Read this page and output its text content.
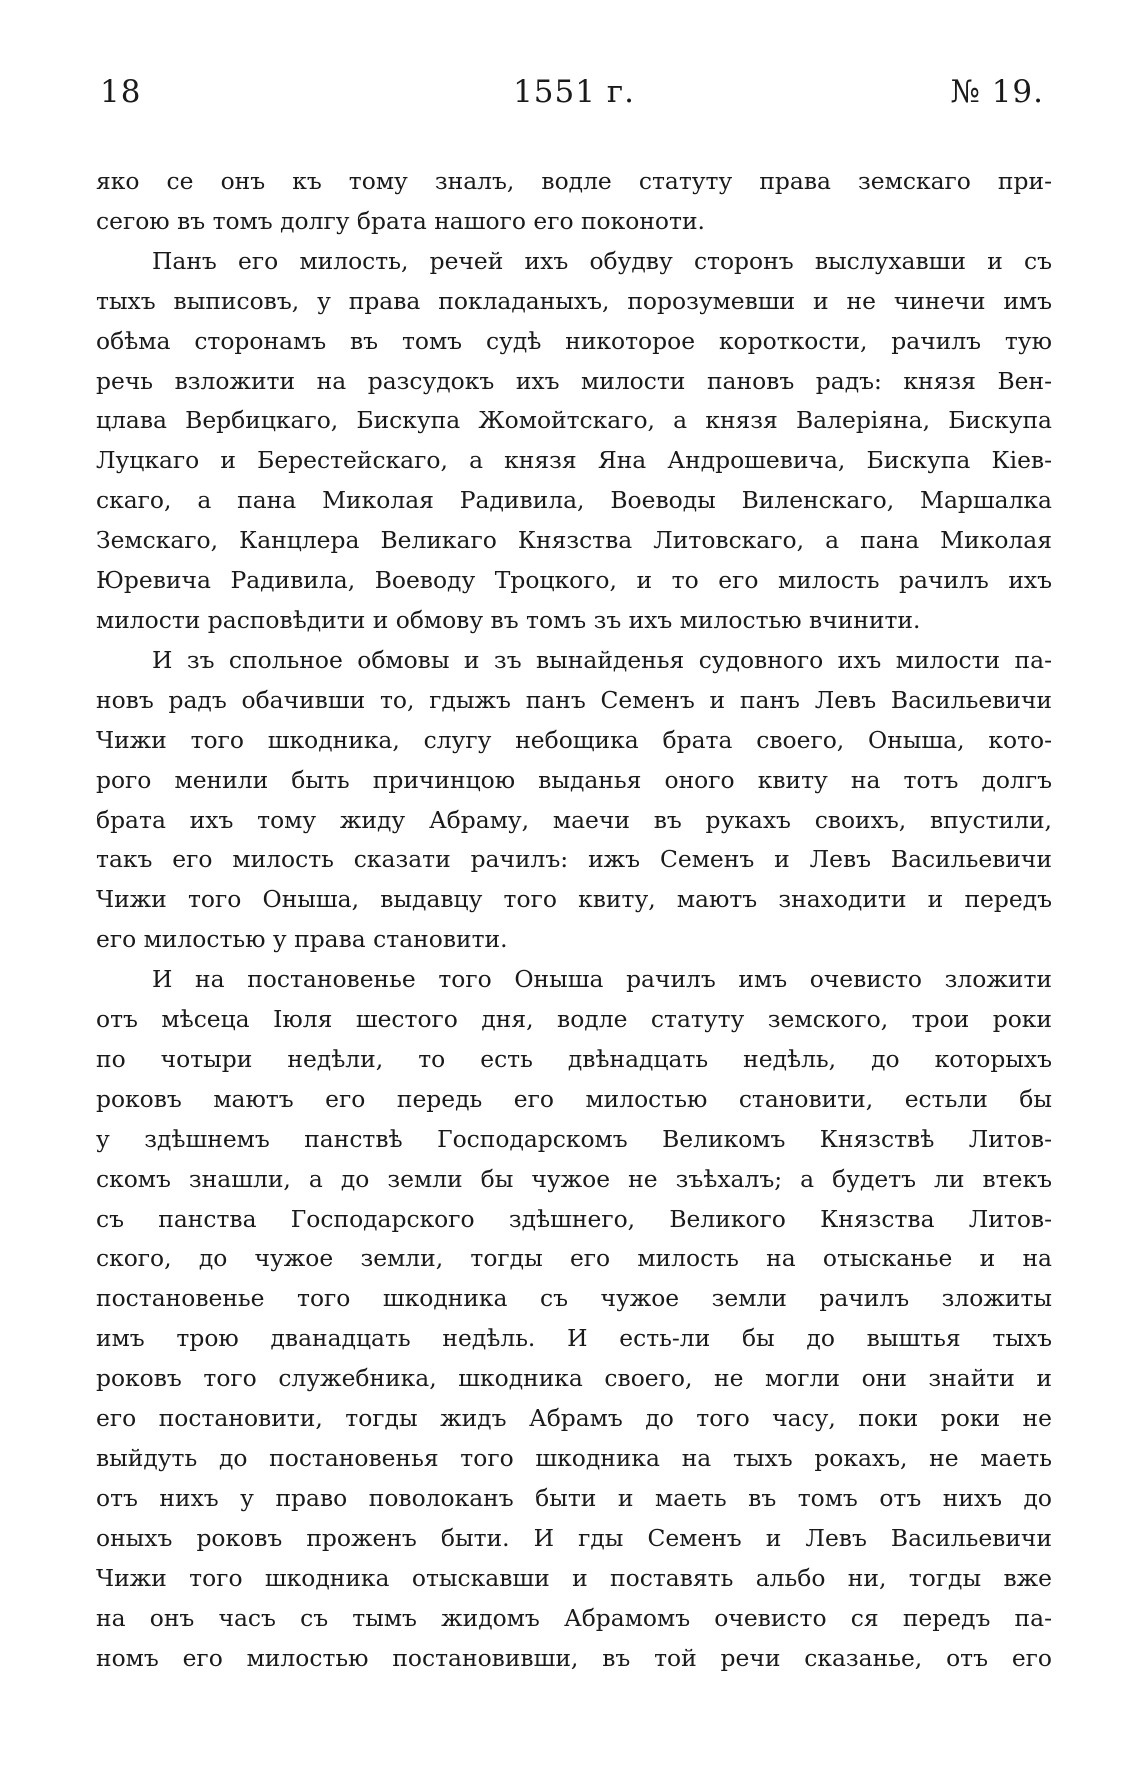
18	1551 г.	№ 19.

яко се онъ къ тому зналъ, водле статуту права земскаго при-
сегою въ томъ долгу брата нашого его поконоти.

Панъ его милость, речей ихъ обудву сторонъ выслухавши и съ
тыхъ выписовъ, у права покладаныхъ, порозумевши и не чинечи имъ
обѣма сторонамъ въ томъ судѣ никоторое короткости, рачилъ тую
речь взложити на разсудокъ ихъ милости пановъ радъ: князя Вен-
цлава Вербицкаго, Бискупа Жомойтскаго, а князя Валеріяна, Бискупа
Луцкаго и Берестейскаго, а князя Яна Андрошевича, Бискупа Кіев-
скаго, а пана Миколая Радивила, Воеводы Виленскаго, Маршалка
Земскаго, Канцлера Великаго Князства Литовскаго, а пана Миколая
Юревича Радивила, Воеводу Троцкого, и то его милость рачилъ ихъ
милости расповѣдити и обмову въ томъ зъ ихъ милостью вчинити.

И зъ спольное обмовы и зъ вынайденья судовного ихъ милости па-
новъ радъ обачивши то, гдыжъ панъ Семенъ и панъ Левъ Васильевичи
Чижи того шкодника, слугу небощика брата своего, Оныша, кото-
рого менили быть причинцою выданья оного квиту на тотъ долгъ
брата ихъ тому жиду Абраму, маечи въ рукахъ своихъ, впустили,
такъ его милость сказати рачилъ: ижъ Семенъ и Левъ Васильевичи
Чижи того Оныша, выдавцу того квиту, маютъ знаходити и передъ
его милостью у права становити.

И на постановенье того Оныша рачилъ имъ очевисто зложити
отъ мѣсеца Іюля шестого дня, водле статуту земского, трои роки
по чотыри недѣли, то есть двѣнадцать недѣль, до которыхъ
роковъ маютъ его передь его милостью становити, естьли бы
у здѣшнемъ панствѣ Господарскомъ Великомъ Князствѣ Литов-
скомъ знашли, а до земли бы чужое не зъѣхалъ; а будетъ ли втекъ
съ панства Господарского здѣшнего, Великого Князства Литов-
ского, до чужое земли, тогды его милость на отысканье и на
постановенье того шкодника съ чужое земли рачилъ зложиты
имъ трою дванадцать недѣль. И есть-ли бы до выштья тыхъ
роковъ того служебника, шкодника своего, не могли они знайти и
его постановити, тогды жидъ Абрамъ до того часу, поки роки не
выйдуть до постановенья того шкодника на тыхъ рокахъ, не маеть
отъ нихъ у право поволоканъ быти и маеть въ томъ отъ нихъ до
оныхъ роковъ проженъ быти. И гды Семенъ и Левъ Васильевичи
Чижи того шкодника отыскавши и поставять альбо ни, тогды вже
на онъ часъ съ тымъ жидомъ Абрамомъ очевисто ся передъ па-
номъ его милостью постановивши, въ той речи сказанье, отъ его
